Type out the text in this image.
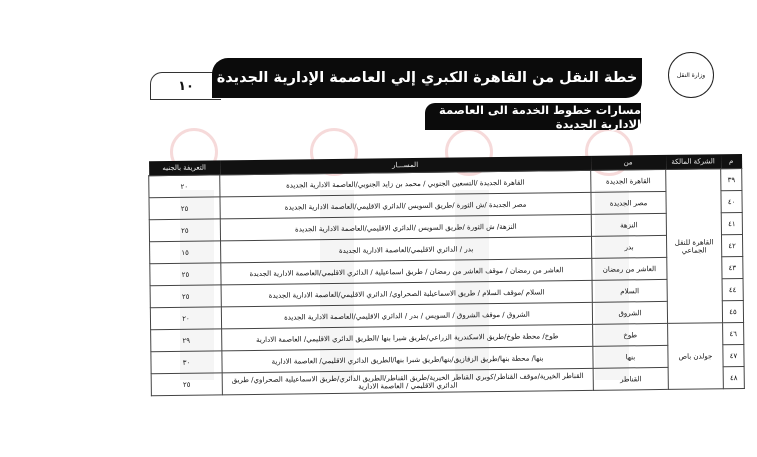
١٠	خطة النقل من القاهرة الكبري إلي العاصمة الإدارية الجديدة	وزارة النقل
مسارات خطوط الخدمة الى العاصمة الادارية الجديدة
م	الشركة المالكة	من	المســـار	التعريفة بالجنيه
٣٩	القاهرة للنقل الجماعي	القاهرة الجديدة	القاهرة الجديدة /التسعين الجنوبي / محمد بن زايد الجنوبي/العاصمة الادارية الجديدة	٢٠
٤٠		مصر الجديدة	مصر الجديدة /ش الثورة /طريق السويس /الدائري الاقليمي/العاصمة الادارية الجديدة	٢٥
٤١		النزهة	النزهة/ ش الثورة /طريق السويس /الدائري الاقليمي/العاصمة الادارية الجديدة	٢٥
٤٢		بدر	بدر / الدائري الاقليمي/العاصمة الادارية الجديدة	١٥
٤٣		العاشر من رمضان	العاشر من رمضان / موقف العاشر من رمضان / طريق اسماعيلية / الدائري الاقليمي/العاصمة الادارية الجديدة	٢٥
٤٤		السلام	السلام /موقف السلام / طريق الاسماعيلية الصحراوي/ الدائري الاقليمي/العاصمة الادارية الجديدة	٢٥
٤٥		الشروق	الشروق / موقف الشروق / السويس / بدر / الدائري الاقليمي/العاصمة الادارية الجديدة	٢٠
٤٦	جولدن باص	طوخ	طوخ/ محطة طوخ/طريق الاسكندرية الزراعي/طريق شبرا بنها /الطريق الدائري الاقليمي/ العاصمة الادارية	٢٩
٤٧		بنها	بنها/ محطة بنها/طريق الزقازيق/بنها/طريق شبرا بنها/الطريق الدائري الاقليمي/ العاصمة الادارية	٣٠
٤٨		القناطر	القناطر الخيرية/موقف القناطر/كوبري القناطر الخيرية/طريق القناطر/الطريق الدائري/طريق الاسماعيلية الصحراوي/ طريق الدائري الاقليمي / العاصمة الادارية	٢٥
